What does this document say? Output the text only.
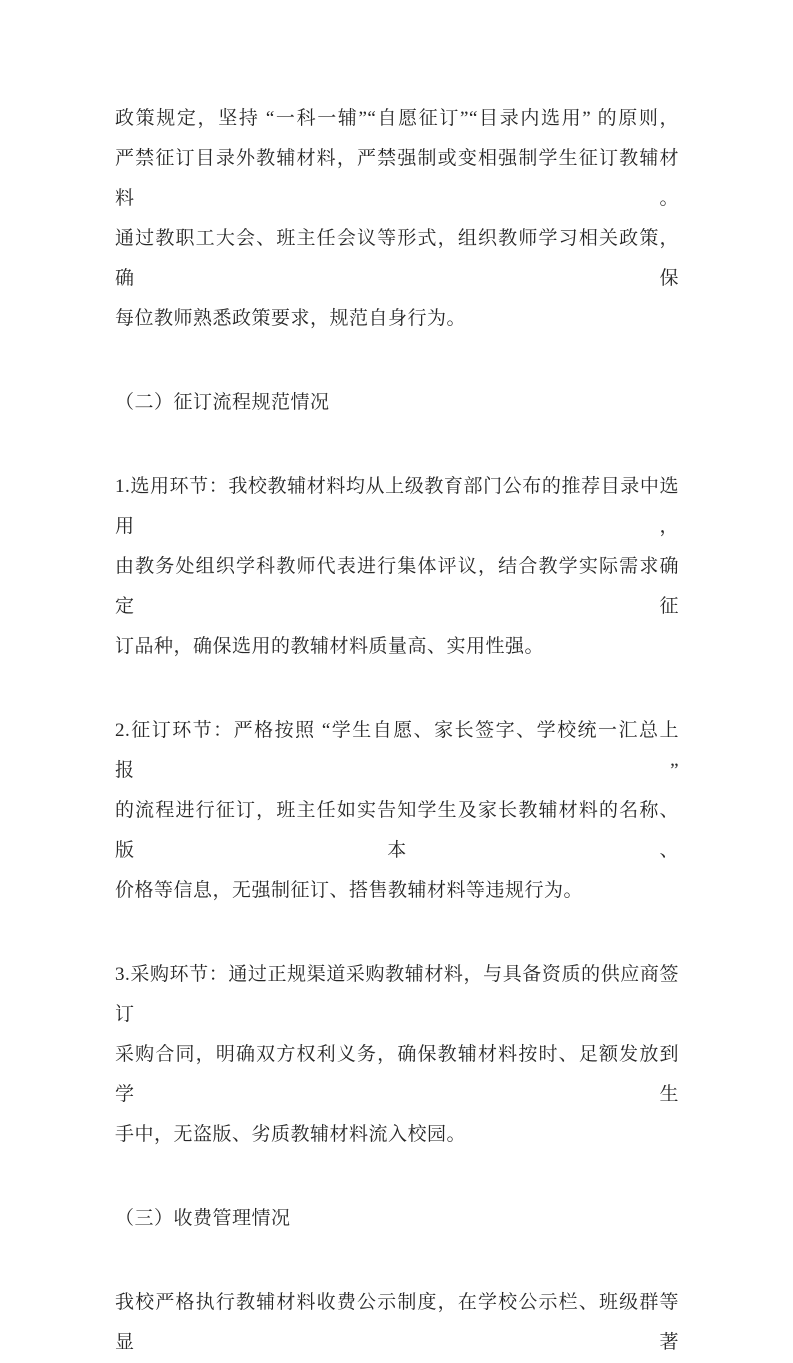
政策规定，坚持 “一科一辅”“自愿征订”“目录内选用” 的原则，
严禁征订目录外教辅材料，严禁强制或变相强制学生征订教辅材料。
通过教职工大会、班主任会议等形式，组织教师学习相关政策，确保
每位教师熟悉政策要求，规范自身行为。
（二）征订流程规范情况
1.选用环节：我校教辅材料均从上级教育部门公布的推荐目录中选用，
由教务处组织学科教师代表进行集体评议，结合教学实际需求确定征
订品种，确保选用的教辅材料质量高、实用性强。
2.征订环节：严格按照 “学生自愿、家长签字、学校统一汇总上报”
的流程进行征订，班主任如实告知学生及家长教辅材料的名称、版本、
价格等信息，无强制征订、搭售教辅材料等违规行为。
3.采购环节：通过正规渠道采购教辅材料，与具备资质的供应商签订
采购合同，明确双方权利义务，确保教辅材料按时、足额发放到学生
手中，无盗版、劣质教辅材料流入校园。
（三）收费管理情况
我校严格执行教辅材料收费公示制度，在学校公示栏、班级群等显著
